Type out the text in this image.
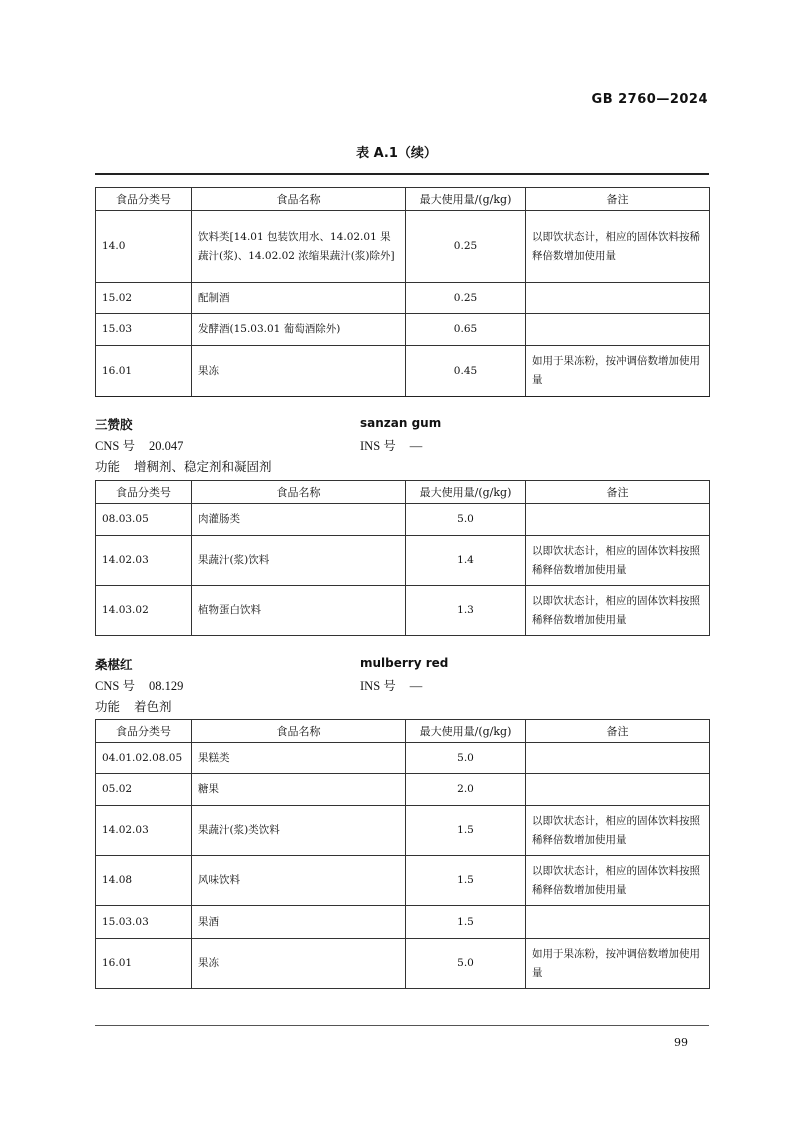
GB 2760—2024
表 A.1（续）
食品分类号	食品名称	最大使用量/(g/kg)	备注
14.0	饮料类[14.01 包装饮用水、14.02.01 果蔬汁(浆)、14.02.02 浓缩果蔬汁(浆)除外]	0.25	以即饮状态计，相应的固体饮料按稀释倍数增加使用量
15.02	配制酒	0.25	
15.03	发酵酒(15.03.01 葡萄酒除外)	0.65	
16.01	果冻	0.45	如用于果冻粉，按冲调倍数增加使用量
三赞胶	sanzan gum
CNS 号 20.047	INS 号 —
功能 增稠剂、稳定剂和凝固剂
食品分类号	食品名称	最大使用量/(g/kg)	备注
08.03.05	肉灌肠类	5.0	
14.02.03	果蔬汁(浆)饮料	1.4	以即饮状态计，相应的固体饮料按照稀释倍数增加使用量
14.03.02	植物蛋白饮料	1.3	以即饮状态计，相应的固体饮料按照稀释倍数增加使用量
桑椹红	mulberry red
CNS 号 08.129	INS 号 —
功能 着色剂
食品分类号	食品名称	最大使用量/(g/kg)	备注
04.01.02.08.05	果糕类	5.0	
05.02	糖果	2.0	
14.02.03	果蔬汁(浆)类饮料	1.5	以即饮状态计，相应的固体饮料按照稀释倍数增加使用量
14.08	风味饮料	1.5	以即饮状态计，相应的固体饮料按照稀释倍数增加使用量
15.03.03	果酒	1.5	
16.01	果冻	5.0	如用于果冻粉，按冲调倍数增加使用量
99
